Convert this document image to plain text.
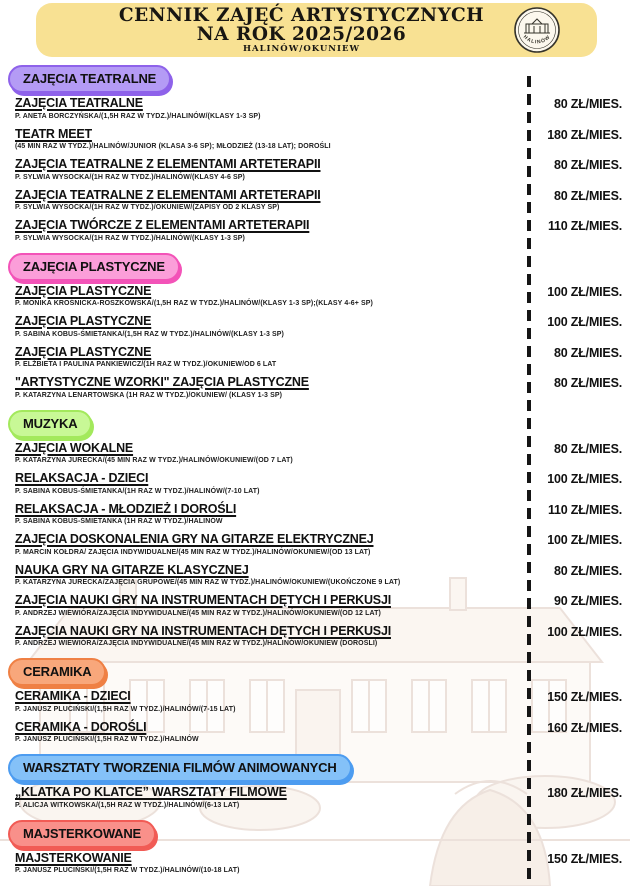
CENNIK ZAJĘĆ ARTYSTYCZNYCH
NA ROK 2025/2026
HALINÓW/OKUNIEW
HALINÓW
ZAJĘCIA TEATRALNE
ZAJĘCIA TEATRALNE
P. ANETA BORCZYŃSKA/(1,5H RAZ W TYDZ.)/HALINÓW/(KLASY 1-3 SP)
80 ZŁ/MIES.
TEATR MEET
(45 MIN RAZ W TYDZ.)/HALINÓW/JUNIOR (KLASA 3-6 SP); MŁODZIEŻ (13-18 LAT); DOROŚLI
180 ZŁ/MIES.
ZAJĘCIA TEATRALNE Z ELEMENTAMI ARTETERAPII
P. SYLWIA WYSOCKA/(1H RAZ W TYDZ.)/HALINÓW/(KLASY 4-6 SP)
80 ZŁ/MIES.
ZAJĘCIA TEATRALNE Z ELEMENTAMI ARTETERAPII
P. SYLWIA WYSOCKA/(1H RAZ W TYDZ.)/OKUNIEW/(ZAPISY OD 2 KLASY SP)
80 ZŁ/MIES.
ZAJĘCIA TWÓRCZE Z ELEMENTAMI ARTETERAPII
P. SYLWIA WYSOCKA/(1H RAZ W TYDZ.)/HALINÓW/(KLASY 1-3 SP)
110 ZŁ/MIES.
ZAJĘCIA PLASTYCZNE
ZAJĘCIA PLASTYCZNE
P. MONIKA KROŚNICKA-ROSZKOWSKA/(1,5H RAZ W TYDZ.)/HALINÓW/(KLASY 1-3 SP);(KLASY 4-6+ SP)
100 ZŁ/MIES.
ZAJĘCIA PLASTYCZNE
P. SABINA KOBUS-ŚMIETANKA/(1,5H RAZ W TYDZ.)/HALINÓW/(KLASY 1-3 SP)
100 ZŁ/MIES.
ZAJĘCIA PLASTYCZNE
P. ELŻBIETA I PAULINA PANKIEWICZ/(1H RAZ W TYDZ.)/OKUNIEW/OD 6 LAT
80 ZŁ/MIES.
"ARTYSTYCZNE WZORKI" ZAJĘCIA PLASTYCZNE
P. KATARZYNA LENARTOWSKA (1H RAZ W TYDZ.)/OKUNIEW/ (KLASY 1-3 SP)
80 ZŁ/MIES.
MUZYKA
ZAJĘCIA WOKALNE
P. KATARZYNA JURECKA/(45 MIN RAZ W TYDZ.)/HALINÓW/OKUNIEW/(OD 7 LAT)
80 ZŁ/MIES.
RELAKSACJA - DZIECI
P. SABINA KOBUS-ŚMIETANKA/(1H RAZ W TYDZ.)/HALINÓW/(7-10 LAT)
100 ZŁ/MIES.
RELAKSACJA - MŁODZIEŻ I DOROŚLI
P. SABINA KOBUS-ŚMIETANKA (1H RAZ W TYDZ.)/HALINÓW
110 ZŁ/MIES.
ZAJĘCIA DOSKONALENIA GRY NA GITARZE ELEKTRYCZNEJ
P. MARCIN KOŁDRA/ ZAJĘCIA INDYWIDUALNE/(45 MIN RAZ W TYDZ.)/HALINÓW/OKUNIEW/(OD 13 LAT)
100 ZŁ/MIES.
NAUKA GRY NA GITARZE KLASYCZNEJ
P. KATARZYNA JURECKA/ZAJĘCIA GRUPOWE/(45 MIN RAZ W TYDZ.)/HALINÓW/OKUNIEW/(UKOŃCZONE 9 LAT)
80 ZŁ/MIES.
ZAJĘCIA NAUKI GRY NA INSTRUMENTACH DĘTYCH I PERKUSJI
P. ANDRZEJ WIEWIÓRA/ZAJĘCIA INDYWIDUALNE/(45 MIN RAZ W TYDZ.)/HALINÓW/OKUNIEW/(OD 12 LAT)
90 ZŁ/MIES.
ZAJĘCIA NAUKI GRY NA INSTRUMENTACH DĘTYCH I PERKUSJI
P. ANDRZEJ WIEWIÓRA/ZAJĘCIA INDYWIDUALNE/(45 MIN RAZ W TYDZ.)/HALINÓW/OKUNIEW (DOROŚLI)
100 ZŁ/MIES.
CERAMIKA
CERAMIKA - DZIECI
P. JANUSZ PLUCIŃSKI/(1,5H RAZ W TYDZ.)/HALINÓW/(7-15 LAT)
150 ZŁ/MIES.
CERAMIKA - DOROŚLI
P. JANUSZ PLUCIŃSKI/(1,5H RAZ W TYDZ.)/HALINÓW
160 ZŁ/MIES.
WARSZTATY TWORZENIA FILMÓW ANIMOWANYCH
„KLATKA PO KLATCE” WARSZTATY FILMOWE
P. ALICJA WITKOWSKA/(1,5H RAZ W TYDZ.)/HALINÓW/(6-13 LAT)
180 ZŁ/MIES.
MAJSTERKOWANE
MAJSTERKOWANIE
P. JANUSZ PLUCIŃSKI/(1,5H RAZ W TYDZ.)/HALINÓW/(10-18 LAT)
150 ZŁ/MIES.
